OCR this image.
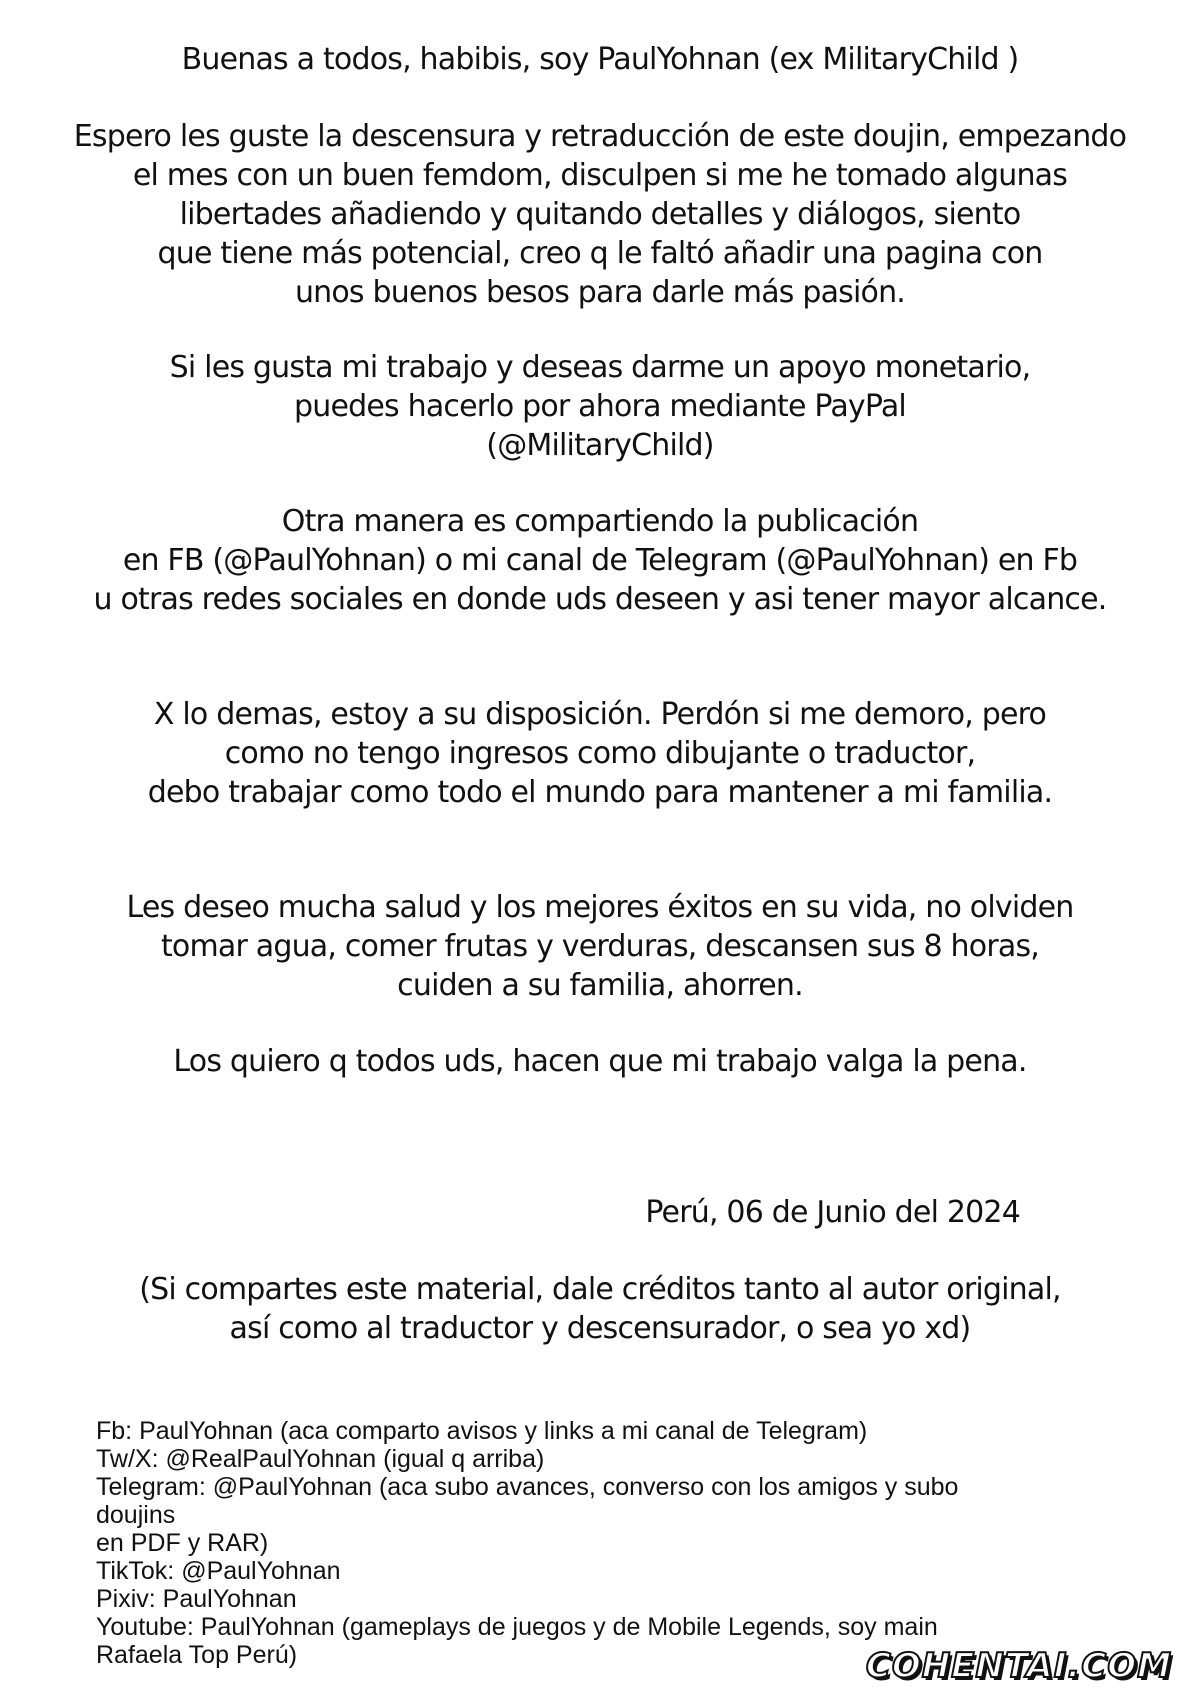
Buenas a todos, habibis, soy PaulYohnan (ex MilitaryChild )
Espero les guste la descensura y retraducción de este doujin, empezando
el mes con un buen femdom, disculpen si me he tomado algunas
libertades añadiendo y quitando detalles y diálogos, siento
que tiene más potencial, creo q le faltó añadir una pagina con
unos buenos besos para darle más pasión.
Si les gusta mi trabajo y deseas darme un apoyo monetario,
puedes hacerlo por ahora mediante PayPal
(@MilitaryChild)
Otra manera es compartiendo la publicación
en FB (@PaulYohnan) o mi canal de Telegram (@PaulYohnan) en Fb
u otras redes sociales en donde uds deseen y asi tener mayor alcance.
X lo demas, estoy a su disposición. Perdón si me demoro, pero
como no tengo ingresos como dibujante o traductor,
debo trabajar como todo el mundo para mantener a mi familia.
Les deseo mucha salud y los mejores éxitos en su vida, no olviden
tomar agua, comer frutas y verduras, descansen sus 8 horas,
cuiden a su familia, ahorren.
Los quiero q todos uds, hacen que mi trabajo valga la pena.
Perú, 06 de Junio del 2024
(Si compartes este material, dale créditos tanto al autor original,
así como al traductor y descensurador, o sea yo xd)
Fb: PaulYohnan (aca comparto avisos y links a mi canal de Telegram)
Tw/X: @RealPaulYohnan (igual q arriba)
Telegram: @PaulYohnan (aca subo avances, converso con los amigos y subo
doujins
en PDF y RAR)
TikTok: @PaulYohnan
Pixiv: PaulYohnan
Youtube: PaulYohnan (gameplays de juegos y de Mobile Legends, soy main
Rafaela Top Perú)	COHENTAI.COM
